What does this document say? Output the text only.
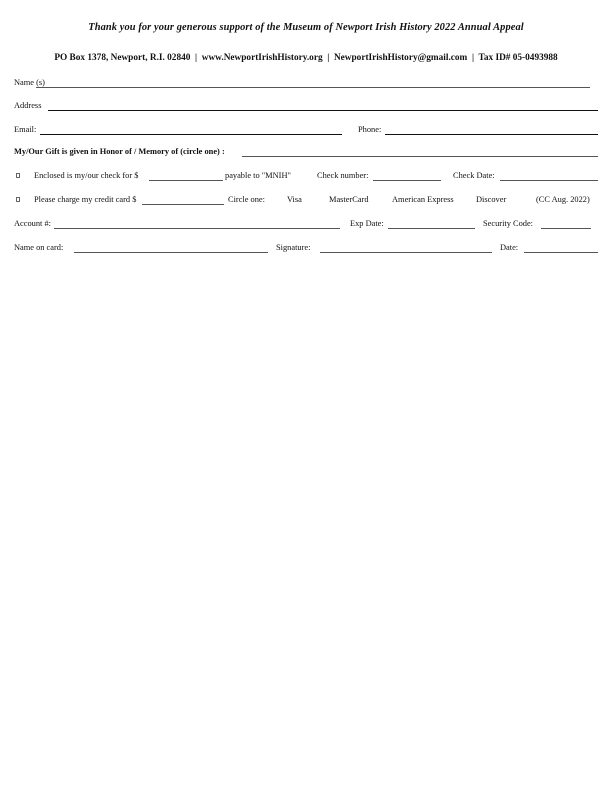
Thank you for your generous support of the Museum of Newport Irish History 2022 Annual Appeal
PO Box 1378, Newport, R.I. 02840  |  www.NewportIrishHistory.org  |  NewportIrishHistory@gmail.com  |  Tax ID# 05-0493988
Name (s)
Address
Email:	Phone:
My/Our Gift is given in Honor of / Memory of (circle one) :
Enclosed is my/our check for $	payable to "MNIH"	Check number:	Check Date:
Please charge my credit card $	Circle one:	Visa	MasterCard	American Express	Discover	(CC Aug. 2022)
Account #:	Exp Date:	Security Code:
Name on card:	Signature:	Date:
